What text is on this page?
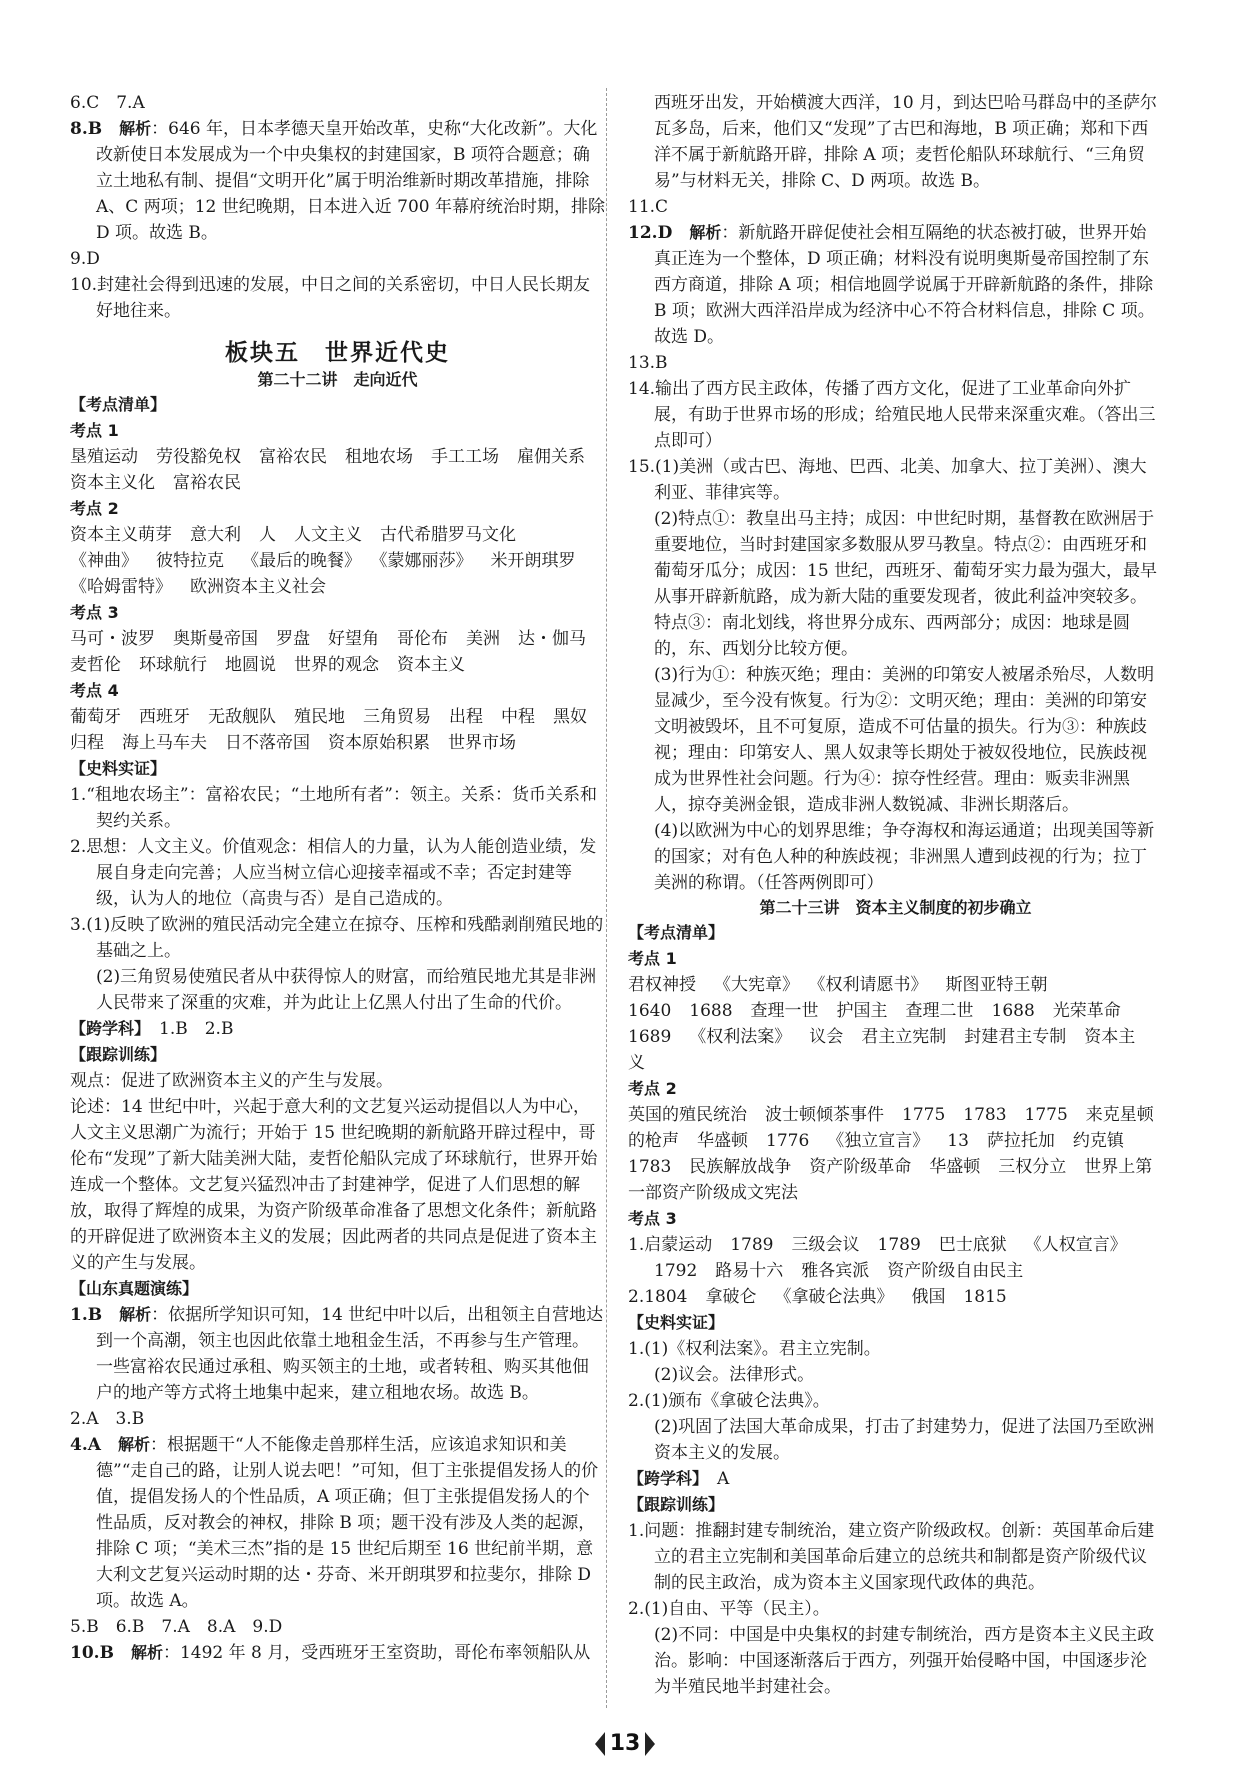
6.C　7.A

8.B　 解析：646 年，日本孝德天皇开始改革，史称“大化改新”。大化改新使日本发展成为一个中央集权的封建国家，B 项符合题意；确立土地私有制、提倡“文明开化”属于明治维新时期改革措施，排除 A、C 两项；12 世纪晚期，日本进入近 700 年幕府统治时期，排除 D 项。故选 B。

9.D

10.封建社会得到迅速的发展，中日之间的关系密切，中日人民长期友好地往来。

板块五　世界近代史

第二十二讲　走向近代

【考点清单】

考点 1

垦殖运动 劳役豁免权 富裕农民 租地农场 手工工场 雇佣关系资本主义化 富裕农民

考点 2

资本主义萌芽 意大利 人 人文主义 古代希腊罗马文化《神曲》 彼特拉克 《最后的晚餐》 《蒙娜丽莎》 米开朗琪罗《哈姆雷特》 欧洲资本主义社会

考点 3

马可・波罗 奥斯曼帝国 罗盘 好望角 哥伦布 美洲 达・伽马麦哲伦 环球航行 地圆说 世界的观念 资本主义

考点 4

葡萄牙 西班牙 无敌舰队 殖民地 三角贸易 出程 中程 黑奴归程 海上马车夫 日不落帝国 资本原始积累 世界市场

【史料实证】

1.“租地农场主”：富裕农民；“土地所有者”：领主。关系：货币关系和契约关系。

2.思想：人文主义。价值观念：相信人的力量，认为人能创造业绩，发展自身走向完善；人应当树立信心迎接幸福或不幸；否定封建等级，认为人的地位（高贵与否）是自己造成的。

3.(1)反映了欧洲的殖民活动完全建立在掠夺、压榨和残酷剥削殖民地的基础之上。

(2)三角贸易使殖民者从中获得惊人的财富，而给殖民地尤其是非洲人民带来了深重的灾难，并为此让上亿黑人付出了生命的代价。

【跨学科】　 1.B　2.B

【跟踪训练】

观点：促进了欧洲资本主义的产生与发展。

论述：14 世纪中叶，兴起于意大利的文艺复兴运动提倡以人为中心，人文主义思潮广为流行；开始于 15 世纪晚期的新航路开辟过程中，哥伦布“发现”了新大陆美洲大陆，麦哲伦船队完成了环球航行，世界开始连成一个整体。文艺复兴猛烈冲击了封建神学，促进了人们思想的解放，取得了辉煌的成果，为资产阶级革命准备了思想文化条件；新航路的开辟促进了欧洲资本主义的发展；因此两者的共同点是促进了资本主义的产生与发展。

【山东真题演练】

1.B　 解析：依据所学知识可知，14 世纪中叶以后，出租领主自营地达到一个高潮，领主也因此依靠土地租金生活，不再参与生产管理。一些富裕农民通过承租、购买领主的土地，或者转租、购买其他佃户的地产等方式将土地集中起来，建立租地农场。故选 B。

2.A　3.B

4.A　 解析：根据题干“人不能像走兽那样生活，应该追求知识和美德”“走自己的路，让别人说去吧！”可知，但丁主张提倡发扬人的价值，提倡发扬人的个性品质，A 项正确；但丁主张提倡发扬人的个性品质，反对教会的神权，排除 B 项；题干没有涉及人类的起源，排除 C 项；“美术三杰”指的是 15 世纪后期至 16 世纪前半期，意大利文艺复兴运动时期的达・芬奇、米开朗琪罗和拉斐尔，排除 D 项。故选 A。

5.B　6.B　7.A　8.A　9.D

10.B　 解析：1492 年 8 月，受西班牙王室资助，哥伦布率领船队从

西班牙出发，开始横渡大西洋，10 月，到达巴哈马群岛中的圣萨尔瓦多岛，后来，他们又“发现”了古巴和海地，B 项正确；郑和下西洋不属于新航路开辟，排除 A 项；麦哲伦船队环球航行、“三角贸易”与材料无关，排除 C、D 两项。故选 B。

11.C

12.D　 解析：新航路开辟促使社会相互隔绝的状态被打破，世界开始真正连为一个整体，D 项正确；材料没有说明奥斯曼帝国控制了东西方商道，排除 A 项；相信地圆学说属于开辟新航路的条件，排除 B 项；欧洲大西洋沿岸成为经济中心不符合材料信息，排除 C 项。故选 D。

13.B

14.输出了西方民主政体，传播了西方文化，促进了工业革命向外扩展，有助于世界市场的形成；给殖民地人民带来深重灾难。（答出三点即可）

15.(1)美洲（或古巴、海地、巴西、北美、加拿大、拉丁美洲）、澳大利亚、菲律宾等。

(2)特点①：教皇出马主持；成因：中世纪时期，基督教在欧洲居于重要地位，当时封建国家多数服从罗马教皇。特点②：由西班牙和葡萄牙瓜分；成因：15 世纪，西班牙、葡萄牙实力最为强大，最早从事开辟新航路，成为新大陆的重要发现者，彼此利益冲突较多。特点③：南北划线，将世界分成东、西两部分；成因：地球是圆的，东、西划分比较方便。

(3)行为①：种族灭绝；理由：美洲的印第安人被屠杀殆尽，人数明显减少，至今没有恢复。行为②：文明灭绝；理由：美洲的印第安文明被毁坏，且不可复原，造成不可估量的损失。行为③：种族歧视；理由：印第安人、黑人奴隶等长期处于被奴役地位，民族歧视成为世界性社会问题。行为④：掠夺性经营。理由：贩卖非洲黑人，掠夺美洲金银，造成非洲人数锐减、非洲长期落后。

(4)以欧洲为中心的划界思维；争夺海权和海运通道；出现美国等新的国家；对有色人种的种族歧视；非洲黑人遭到歧视的行为；拉丁美洲的称谓。（任答两例即可）

第二十三讲　资本主义制度的初步确立

【考点清单】

考点 1

君权神授 《大宪章》 《权利请愿书》 斯图亚特王朝1640 1688 查理一世 护国主 查理二世 1688 光荣革命1689 《权利法案》 议会 君主立宪制 封建君主专制 资本主义

考点 2

英国的殖民统治 波士顿倾茶事件 1775 1783 1775 来克星顿的枪声 华盛顿 1776 《独立宣言》 13 萨拉托加 约克镇1783 民族解放战争 资产阶级革命 华盛顿 三权分立 世界上第一部资产阶级成文宪法

考点 3

1.启蒙运动 1789 三级会议 1789 巴士底狱 《人权宣言》

1792 路易十六 雅各宾派 资产阶级自由民主

2.1804 拿破仑 《拿破仑法典》 俄国 1815

【史料实证】

1.(1)《权利法案》。君主立宪制。

(2)议会。法律形式。

2.(1)颁布《拿破仑法典》。

(2)巩固了法国大革命成果，打击了封建势力，促进了法国乃至欧洲资本主义的发展。

【跨学科】　 A

【跟踪训练】

1.问题：推翻封建专制统治，建立资产阶级政权。创新：英国革命后建立的君主立宪制和美国革命后建立的总统共和制都是资产阶级代议制的民主政治，成为资本主义国家现代政体的典范。

2.(1)自由、平等（民主）。

(2)不同：中国是中央集权的封建专制统治，西方是资本主义民主政治。影响：中国逐渐落后于西方，列强开始侵略中国，中国逐步沦为半殖民地半封建社会。

13
